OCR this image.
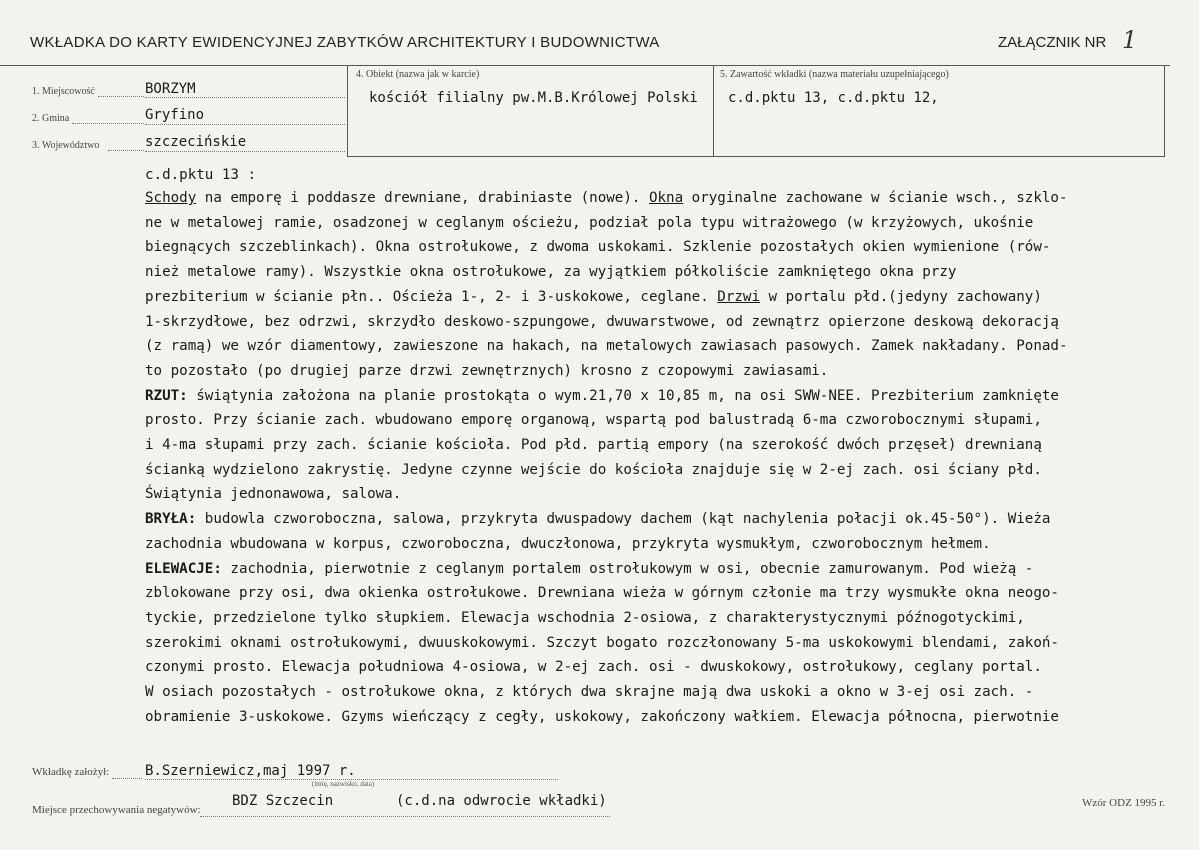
WKŁADKA DO KARTY EWIDENCYJNEJ ZABYTKÓW ARCHITEKTURY I BUDOWNICTWA	ZAŁĄCZNIK NR 1
1. Miejscowość	BORZYM
2. Gmina	Gryfino
3. Województwo	szczecińskie
4. Obiekt (nazwa jak w karcie)
kościół filialny pw.M.B.Królowej Polski
5. Zawartość wkładki (nazwa materiału uzupełniającego)
c.d.pktu 13, c.d.pktu 12,
c.d.pktu 13 :
Schody na emporę i poddasze drewniane, drabiniaste (nowe). Okna oryginalne zachowane w ścianie wsch., szklo-
ne w metalowej ramie, osadzonej w ceglanym ościeżu, podział pola typu witrażowego (w krzyżowych, ukośnie
biegnących szczeblinkach). Okna ostrołukowe, z dwoma uskokami. Szklenie pozostałych okien wymienione (rów-
nież metalowe ramy). Wszystkie okna ostrołukowe, za wyjątkiem półkoliście zamkniętego okna przy
prezbiterium w ścianie płn.. Ościeża 1-, 2- i 3-uskokowe, ceglane. Drzwi w portalu płd.(jedyny zachowany)
1-skrzydłowe, bez odrzwi, skrzydło deskowo-szpungowe, dwuwarstwowe, od zewnątrz opierzone deskową dekoracją
(z ramą) we wzór diamentowy, zawieszone na hakach, na metalowych zawiasach pasowych. Zamek nakładany. Ponad-
to pozostało (po drugiej parze drzwi zewnętrznych) krosno z czopowymi zawiasami.
RZUT: świątynia założona na planie prostokąta o wym.21,70 x 10,85 m, na osi SWW-NEE. Prezbiterium zamknięte
prosto. Przy ścianie zach. wbudowano emporę organową, wspartą pod balustradą 6-ma czworobocznymi słupami,
i 4-ma słupami przy zach. ścianie kościoła. Pod płd. partią empory (na szerokość dwóch przęseł) drewnianą
ścianką wydzielono zakrystię. Jedyne czynne wejście do kościoła znajduje się w 2-ej zach. osi ściany płd.
Świątynia jednonawowa, salowa.
BRYŁA: budowla czworoboczna, salowa, przykryta dwuspadowy dachem (kąt nachylenia połacji ok.45-50°). Wieża
zachodnia wbudowana w korpus, czworoboczna, dwuczłonowa, przykryta wysmukłym, czworobocznym hełmem.
ELEWACJE: zachodnia, pierwotnie z ceglanym portalem ostrołukowym w osi, obecnie zamurowanym. Pod wieżą -
zblokowane przy osi, dwa okienka ostrołukowe. Drewniana wieża w górnym członie ma trzy wysmukłe okna neogo-
tyckie, przedzielone tylko słupkiem. Elewacja wschodnia 2-osiowa, z charakterystycznymi późnogotyckimi,
szerokimi oknami ostrołukowymi, dwuuskokowymi. Szczyt bogato rozczłonowany 5-ma uskokowymi blendami, zakoń-
czonymi prosto. Elewacja południowa 4-osiowa, w 2-ej zach. osi - dwuskokowy, ostrołukowy, ceglany portal.
W osiach pozostałych - ostrołukowe okna, z których dwa skrajne mają dwa uskoki a okno w 3-ej osi zach. -
obramienie 3-uskokowe. Gzyms wieńczący z cegły, uskokowy, zakończony wałkiem. Elewacja północna, pierwotnie
Wkładkę założył:	B.Szerniewicz,maj 1997 r.
(imię, nazwisko, data)
Miejsce przechowywania negatywów:
BDZ Szczecin	(c.d.na odwrocie wkładki)	Wzór ODZ 1995 r.
